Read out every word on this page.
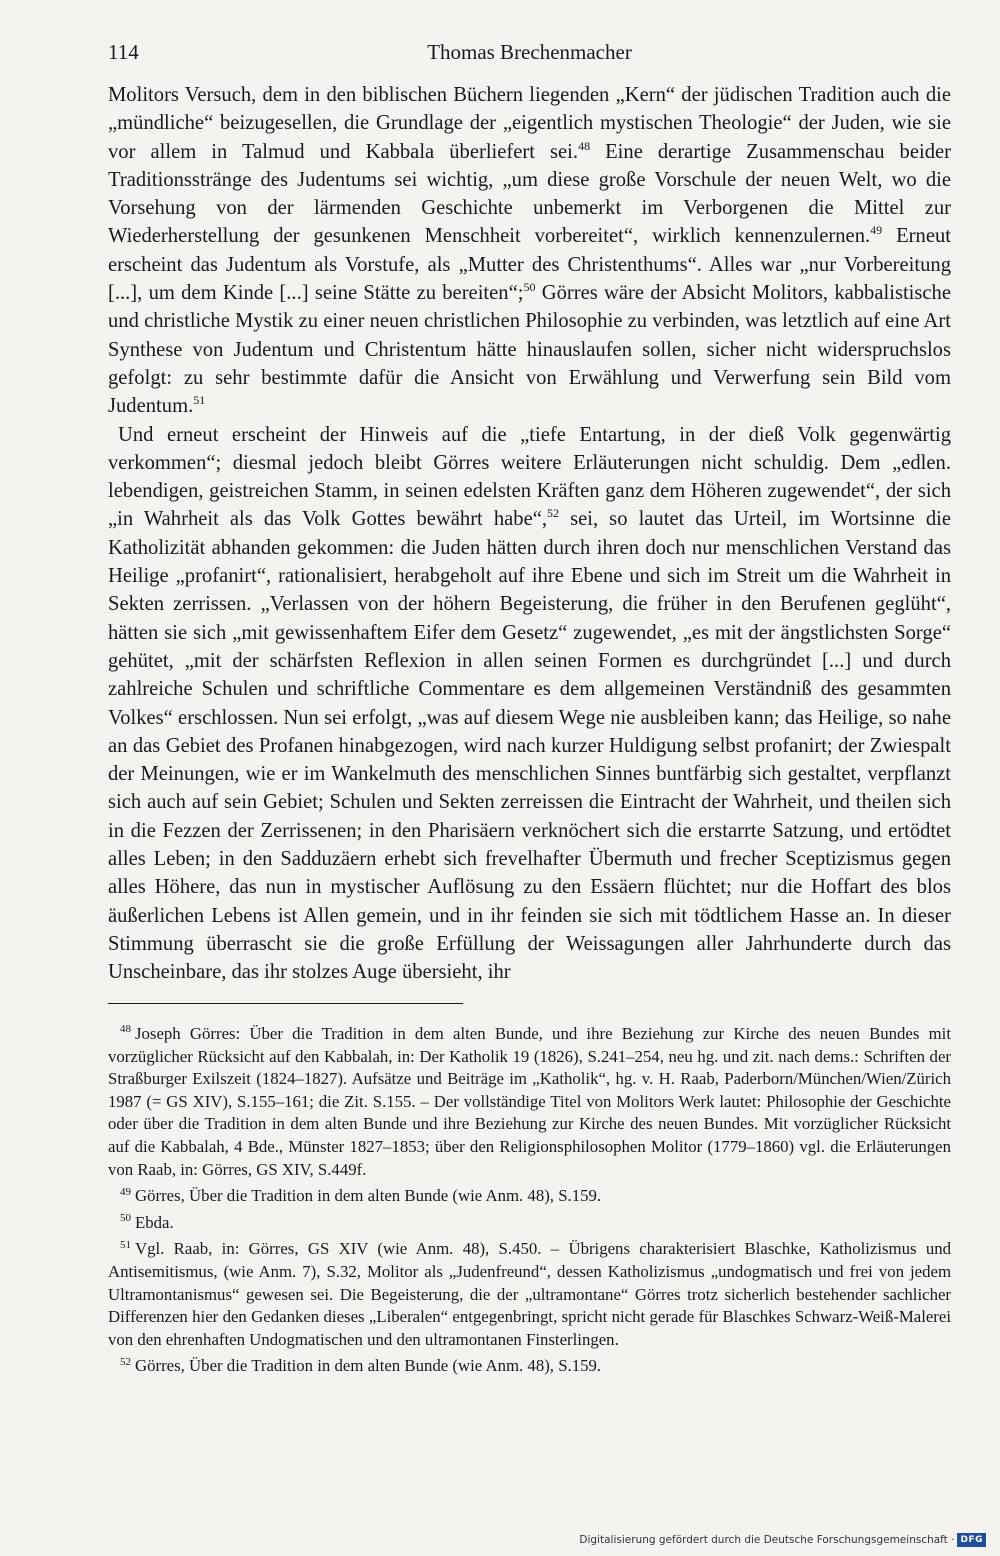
114	Thomas Brechenmacher

Molitors Versuch, dem in den biblischen Büchern liegenden „Kern“ der jüdischen Tradition auch die „mündliche“ beizugesellen, die Grundlage der „eigentlich mystischen Theologie“ der Juden, wie sie vor allem in Talmud und Kabbala überliefert sei.$^{48}$ Eine derartige Zusammenschau beider Traditionsstränge des Judentums sei wichtig, „um diese große Vorschule der neuen Welt, wo die Vorsehung von der lärmenden Geschichte unbemerkt im Verborgenen die Mittel zur Wiederherstellung der gesunkenen Menschheit vorbereitet“, wirklich kennenzulernen.$^{49}$ Erneut erscheint das Judentum als Vorstufe, als „Mutter des Christenthums“. Alles war „nur Vorbereitung [...], um dem Kinde [...] seine Stätte zu bereiten“;$^{50}$ Görres wäre der Absicht Molitors, kabbalistische und christliche Mystik zu einer neuen christlichen Philosophie zu verbinden, was letztlich auf eine Art Synthese von Judentum und Christentum hätte hinauslaufen sollen, sicher nicht widerspruchslos gefolgt: zu sehr bestimmte dafür die Ansicht von Erwählung und Verwerfung sein Bild vom Judentum.$^{51}$

Und erneut erscheint der Hinweis auf die „tiefe Entartung, in der dieß Volk gegenwärtig verkommen“; diesmal jedoch bleibt Görres weitere Erläuterungen nicht schuldig. Dem „edlen. lebendigen, geistreichen Stamm, in seinen edelsten Kräften ganz dem Höheren zugewendet“, der sich „in Wahrheit als das Volk Gottes bewährt habe“,$^{52}$ sei, so lautet das Urteil, im Wortsinne die Katholizität abhanden gekommen: die Juden hätten durch ihren doch nur menschlichen Verstand das Heilige „profanirt“, rationalisiert, herabgeholt auf ihre Ebene und sich im Streit um die Wahrheit in Sekten zerrissen. „Verlassen von der höhern Begeisterung, die früher in den Berufenen geglüht“, hätten sie sich „mit gewissenhaftem Eifer dem Gesetz“ zugewendet, „es mit der ängstlichsten Sorge“ gehütet, „mit der schärfsten Reflexion in allen seinen Formen es durchgründet [...] und durch zahlreiche Schulen und schriftliche Commentare es dem allgemeinen Verständniß des gesammten Volkes“ erschlossen. Nun sei erfolgt, „was auf diesem Wege nie ausbleiben kann; das Heilige, so nahe an das Gebiet des Profanen hinabgezogen, wird nach kurzer Huldigung selbst profanirt; der Zwiespalt der Meinungen, wie er im Wankelmuth des menschlichen Sinnes buntfärbig sich gestaltet, verpflanzt sich auch auf sein Gebiet; Schulen und Sekten zerreissen die Eintracht der Wahrheit, und theilen sich in die Fezzen der Zerrissenen; in den Pharisäern verknöchert sich die erstarrte Satzung, und ertödtet alles Leben; in den Sadduzäern erhebt sich frevelhafter Übermuth und frecher Sceptizismus gegen alles Höhere, das nun in mystischer Auflösung zu den Essäern flüchtet; nur die Hoffart des blos äußerlichen Lebens ist Allen gemein, und in ihr feinden sie sich mit tödtlichem Hasse an. In dieser Stimmung überrascht sie die große Erfüllung der Weissagungen aller Jahrhunderte durch das Unscheinbare, das ihr stolzes Auge übersieht, ihr

$^{48}$ Joseph Görres: Über die Tradition in dem alten Bunde, und ihre Beziehung zur Kirche des neuen Bundes mit vorzüglicher Rücksicht auf den Kabbalah, in: Der Katholik 19 (1826), S.241–254, neu hg. und zit. nach dems.: Schriften der Straßburger Exilszeit (1824–1827). Aufsätze und Beiträge im „Katholik“, hg. v. H. Raab, Paderborn/München/Wien/Zürich 1987 (= GS XIV), S.155–161; die Zit. S.155. – Der vollständige Titel von Molitors Werk lautet: Philosophie der Geschichte oder über die Tradition in dem alten Bunde und ihre Beziehung zur Kirche des neuen Bundes. Mit vorzüglicher Rücksicht auf die Kabbalah, 4 Bde., Münster 1827–1853; über den Religionsphilosophen Molitor (1779–1860) vgl. die Erläuterungen von Raab, in: Görres, GS XIV, S.449f.

$^{49}$ Görres, Über die Tradition in dem alten Bunde (wie Anm. 48), S.159.

$^{50}$ Ebda.

$^{51}$ Vgl. Raab, in: Görres, GS XIV (wie Anm. 48), S.450. – Übrigens charakterisiert Blaschke, Katholizismus und Antisemitismus, (wie Anm. 7), S.32, Molitor als „Judenfreund“, dessen Katholizismus „undogmatisch und frei von jedem Ultramontanismus“ gewesen sei. Die Begeisterung, die der „ultramontane“ Görres trotz sicherlich bestehender sachlicher Differenzen hier den Gedanken dieses „Liberalen“ entgegenbringt, spricht nicht gerade für Blaschkes Schwarz-Weiß-Malerei von den ehrenhaften Undogmatischen und den ultramontanen Finsterlingen.

$^{52}$ Görres, Über die Tradition in dem alten Bunde (wie Anm. 48), S.159.

Digitalisierung gefördert durch die Deutsche Forschungsgemeinschaft · DFG
